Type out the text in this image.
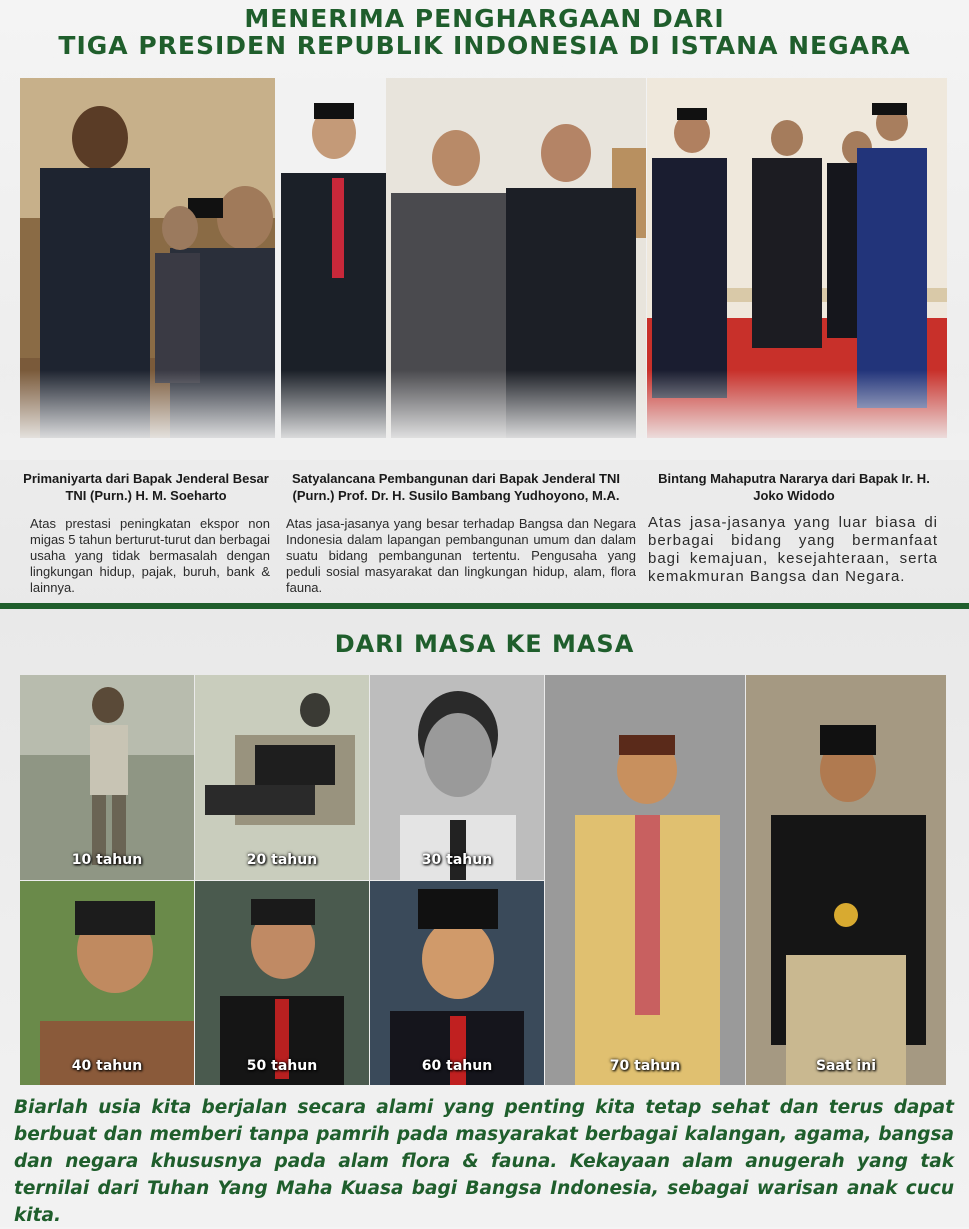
MENERIMA PENGHARGAAN DARI
TIGA PRESIDEN REPUBLIK INDONESIA DI ISTANA NEGARA
Primaniyarta dari Bapak Jenderal Besar TNI (Purn.) H. M. Soeharto
Satyalancana Pembangunan dari Bapak Jenderal TNI (Purn.) Prof. Dr. H. Susilo Bambang Yudhoyono, M.A.
Bintang Mahaputra Nararya dari Bapak Ir. H. Joko Widodo
Atas prestasi peningkatan ekspor non migas 5 tahun berturut-turut dan berbagai usaha yang tidak bermasalah dengan lingkungan hidup, pajak, buruh, bank & lainnya.
Atas jasa-jasanya yang besar terhadap Bangsa dan Negara Indonesia dalam lapangan pembangunan umum dan dalam suatu bidang pembangunan tertentu. Pengusaha yang peduli sosial masyarakat dan lingkungan hidup, alam, flora fauna.
Atas jasa-jasanya yang luar biasa di berbagai bidang yang bermanfaat bagi kemajuan, kesejahteraan, serta kemakmuran Bangsa dan Negara.
DARI MASA KE MASA
10 tahun	20 tahun	30 tahun
40 tahun	50 tahun	60 tahun	70 tahun	Saat ini
Biarlah usia kita berjalan secara alami yang penting kita tetap sehat dan terus dapat berbuat dan memberi tanpa pamrih pada masyarakat berbagai kalangan, agama, bangsa dan negara khususnya pada alam flora & fauna. Kekayaan alam anugerah yang tak ternilai dari Tuhan Yang Maha Kuasa bagi Bangsa Indonesia, sebagai warisan anak cucu kita.
